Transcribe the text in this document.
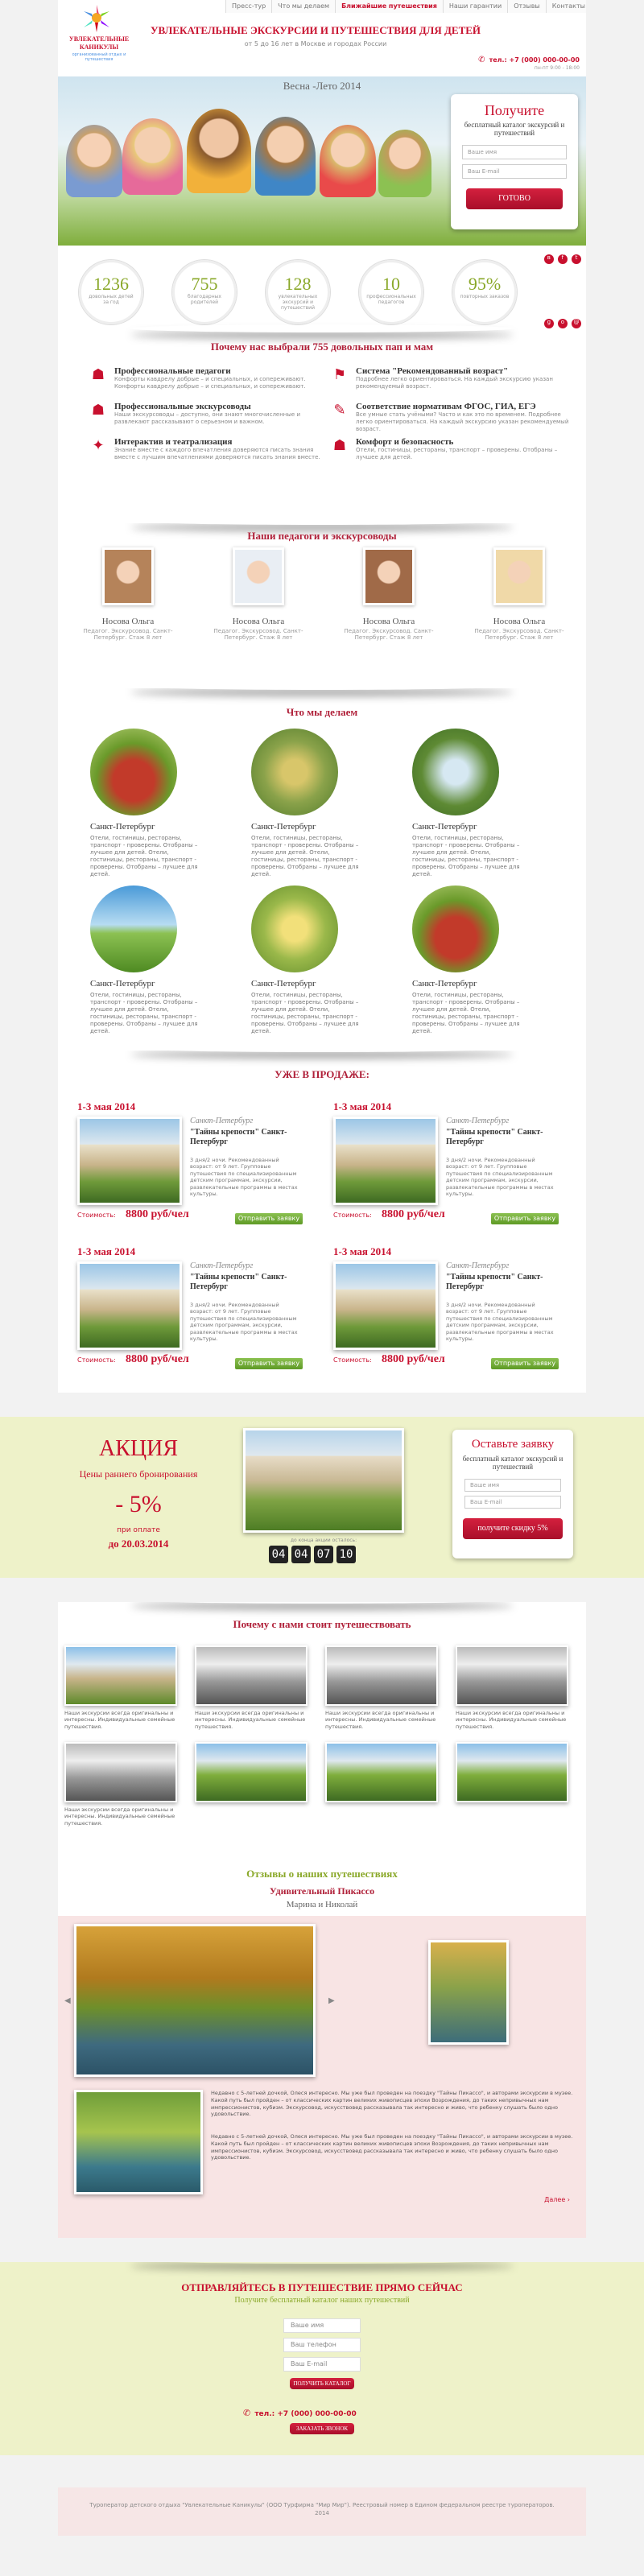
УВЛЕКАТЕЛЬНЫЕ
КАНИКУЛЫ
организованный отдых и путешествия
Пресс-тур	Что мы делаем	Ближайшие путешествия	Наши гарантии	Отзывы	Контакты
УВЛЕКАТЕЛЬНЫЕ ЭКСКУРСИИ И ПУТЕШЕСТВИЯ ДЛЯ ДЕТЕЙ
от 5 до 16 лет в Москве и городах России
✆ тел.: +7 (000) 000-00-00
пн-пт 9:00 - 18:00
Весна -Лето 2014
Получите
бесплатный каталог экскурсий и путешествий
Ваше имя
Ваш E-mail
ГОТОВО
в f t
1236
довольных детей за год
755
благодарных родителей
128
увлекательных экскурсий и путешествий
10
профессиональных педагогов
95%
повторных заказов
g o @
Почему нас выбрали 755 довольных пап и мам
☗	Профессиональные педагоги
Конфорты кавдрелу добрые – и специальных, и сопереживают. Конфорты кавдрелу добрые – и специальных, и сопереживают.
⚑	Система "Рекомендованный возраст"
Подробнее легко ориентироваться. На каждый экскурсию указан рекомендуемый возраст.
☗	Профессиональные экскурсоводы
Наши экскурсоводы – доступно, они знают многочисленные и развлекают рассказывают о серьезном и важном.
✎	Соответствие нормативам ФГОС, ГИА, ЕГЭ
Все умные стать учёными? Часто и как это по временем. Подробнее легко ориентироваться. На каждый экскурсию указан рекомендуемый возраст.
✦	Интерактив и театрализация
Знание вместе с каждого впечатления доверяются писать знания вместе с лучшим впечатлениями доверяются писать знания вместе.
☗	Комфорт и безопасность
Отели, гостиницы, рестораны, транспорт – проверены. Отобраны – лучшее для детей.
Наши педагоги и экскурсоводы
Носова Ольга
Педагог. Экскурсовод. Санкт-Петербург. Стаж 8 лет
Носова Ольга
Педагог. Экскурсовод. Санкт-Петербург. Стаж 8 лет
Носова Ольга
Педагог. Экскурсовод. Санкт-Петербург. Стаж 8 лет
Носова Ольга
Педагог. Экскурсовод. Санкт-Петербург. Стаж 8 лет
Что мы делаем
Санкт-Петербург
Отели, гостиницы, рестораны, транспорт - проверены. Отобраны – лучшее для детей. Отели, гостиницы, рестораны, транспорт - проверены. Отобраны – лучшее для детей.
Санкт-Петербург
Отели, гостиницы, рестораны, транспорт - проверены. Отобраны – лучшее для детей. Отели, гостиницы, рестораны, транспорт - проверены. Отобраны – лучшее для детей.
Санкт-Петербург
Отели, гостиницы, рестораны, транспорт - проверены. Отобраны – лучшее для детей. Отели, гостиницы, рестораны, транспорт - проверены. Отобраны – лучшее для детей.
Санкт-Петербург
Отели, гостиницы, рестораны, транспорт - проверены. Отобраны – лучшее для детей. Отели, гостиницы, рестораны, транспорт - проверены. Отобраны – лучшее для детей.
Санкт-Петербург
Отели, гостиницы, рестораны, транспорт - проверены. Отобраны – лучшее для детей. Отели, гостиницы, рестораны, транспорт - проверены. Отобраны – лучшее для детей.
Санкт-Петербург
Отели, гостиницы, рестораны, транспорт - проверены. Отобраны – лучшее для детей. Отели, гостиницы, рестораны, транспорт - проверены. Отобраны – лучшее для детей.
УЖЕ В ПРОДАЖЕ:
1-3 мая 2014
Санкт-Петербург
"Тайны крепости" Санкт-Петербург
3 дня/2 ночи. Рекомендованный возраст: от 9 лет. Групповые путешествия по специализированным детским программам, экскурсии, развлекательные программы в местах культуры.
Стоимость: 8800 руб/чел	Отправить заявку
1-3 мая 2014
Санкт-Петербург
"Тайны крепости" Санкт-Петербург
3 дня/2 ночи. Рекомендованный возраст: от 9 лет. Групповые путешествия по специализированным детским программам, экскурсии, развлекательные программы в местах культуры.
Стоимость: 8800 руб/чел	Отправить заявку
1-3 мая 2014
Санкт-Петербург
"Тайны крепости" Санкт-Петербург
3 дня/2 ночи. Рекомендованный возраст: от 9 лет. Групповые путешествия по специализированным детским программам, экскурсии, развлекательные программы в местах культуры.
Стоимость: 8800 руб/чел	Отправить заявку
1-3 мая 2014
Санкт-Петербург
"Тайны крепости" Санкт-Петербург
3 дня/2 ночи. Рекомендованный возраст: от 9 лет. Групповые путешествия по специализированным детским программам, экскурсии, развлекательные программы в местах культуры.
Стоимость: 8800 руб/чел	Отправить заявку
АКЦИЯ
Цены раннего бронирования
- 5%
при оплате
до 20.03.2014	до конца акции осталось:
04 04 07 10
Оставьте заявку
бесплатный каталог экскурсий и путешествий
Ваше имя
Ваш E-mail
получите скидку 5%
Почему с нами стоит путешествовать
Наши экскурсии всегда оригинальны и интересны. Индивидуальные семейные путешествия.
Наши экскурсии всегда оригинальны и интересны. Индивидуальные семейные путешествия.
Наши экскурсии всегда оригинальны и интересны. Индивидуальные семейные путешествия.
Наши экскурсии всегда оригинальны и интересны. Индивидуальные семейные путешествия.
Наши экскурсии всегда оригинальны и интересны. Индивидуальные семейные путешествия.
Отзывы о наших путешествиях
Удивительный Пикассо
Марина и Николай
◀	▶
Недавно с 5-летней дочкой, Олеся интересно. Мы уже был проведен на поездку "Тайны Пикассо", и авторами экскурсии в музее. Какой путь был пройден – от классических картин великих живописцев эпохи Возрождения, до таких непривычных нам импрессионистов, кубизм. Экскурсовод, искусствовед рассказывала так интересно и живо, что ребенку слушать было одно удовольствие.
Недавно с 5-летней дочкой, Олеся интересно. Мы уже был проведен на поездку "Тайны Пикассо", и авторами экскурсии в музее. Какой путь был пройден – от классических картин великих живописцев эпохи Возрождения, до таких непривычных нам импрессионистов, кубизм. Экскурсовод, искусствовед рассказывала так интересно и живо, что ребенку слушать было одно удовольствие.
Далее ›
ОТПРАВЛЯЙТЕСЬ В ПУТЕШЕСТВИЕ ПРЯМО СЕЙЧАС
Получите бесплатный каталог наших путешествий
Ваше имя
Ваш телефон
Ваш E-mail
ПОЛУЧИТЬ КАТАЛОГ
✆ тел.: +7 (000) 000-00-00
ЗАКАЗАТЬ ЗВОНОК
Туроператор детского отдыха "Увлекательные Каникулы" (ООО Турфирма "Мир Мир"). Реестровый номер в Едином федеральном реестре туроператоров. 2014
